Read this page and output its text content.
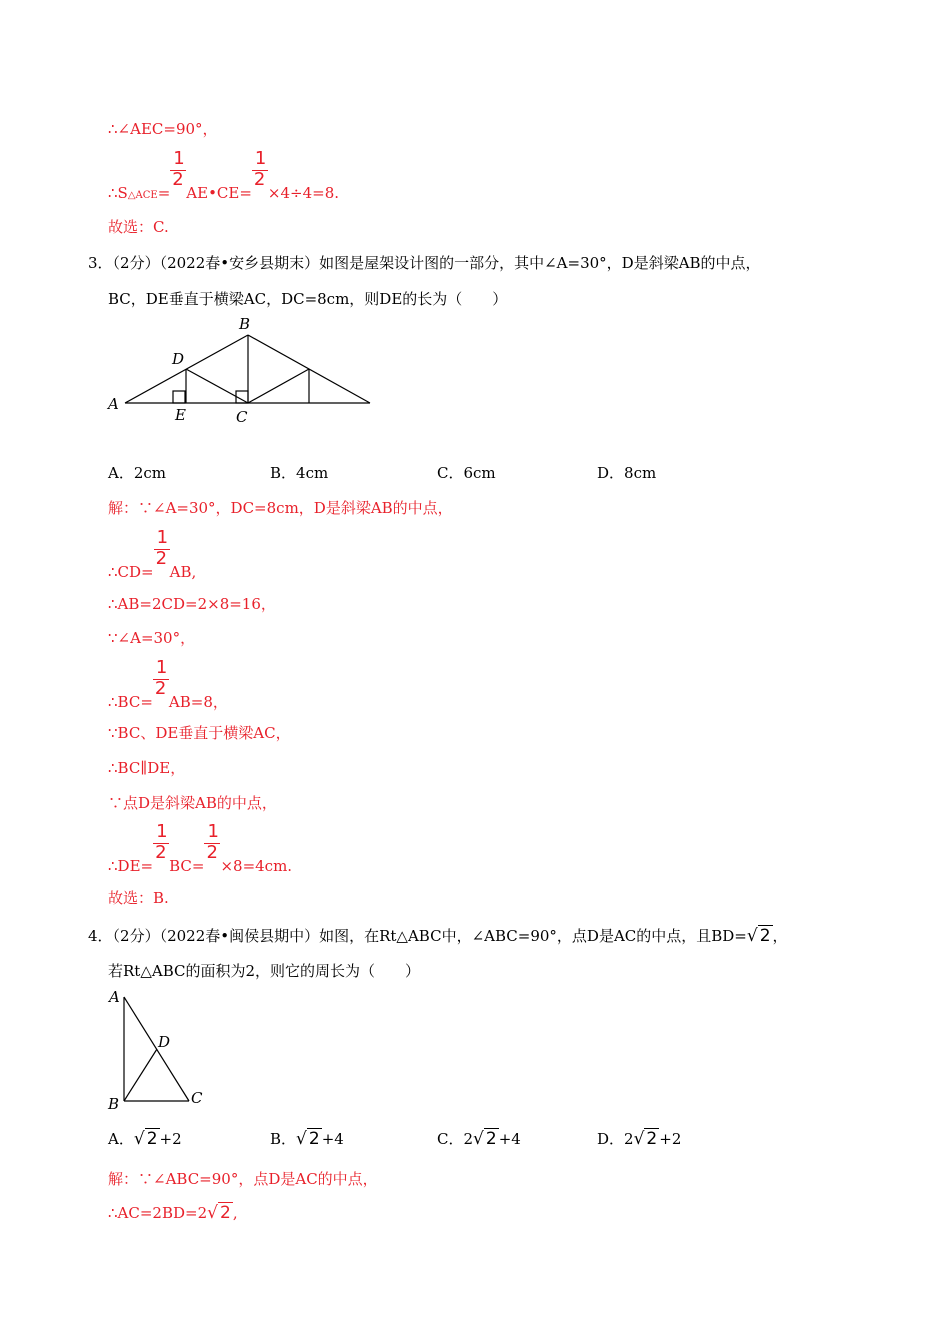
∴∠AEC=90°，
∴S△ACE= $\frac{1}{2}$ AE•CE= $\frac{1}{2} \times 4\div 4=8$.
故选：C.
3．（2分）（2022春•安乡县期末）如图是屋架设计图的一部分，其中∠A=30°，D是斜梁AB的中点，
BC，DE垂直于横梁AC，DC=8cm，则DE的长为（　　）
A
B
C
D
E
A．2cm	B．4cm	C．6cm	D．8cm
解：∵∠A=30°，DC=8cm，D是斜梁AB的中点，
∴CD= $\frac{1}{2}$ AB,
∴AB=2CD=2×8=16，
∵∠A=30°，
∴BC= $\frac{1}{2} AB=8$，
∵BC、DE垂直于横梁AC，
∴BC∥DE，
∵点D是斜梁AB的中点，
∴DE= $\frac{1}{2} BC= \frac{1}{2} \times 8=4cm$.
故选：B.
4．（2分）（2022春•闽侯县期中）如图，在Rt△ABC中，∠ABC=90°，点D是AC的中点，且BD= √ 2 ，
若Rt△ABC的面积为2，则它的周长为（　　）
A
D
B	C
A． √ 2 +2	B． √ 2 +4	C．2 √ 2 +4	D．2 √ 2 +2
解：∵∠ABC=90°，点D是AC的中点，
∴AC=2BD=2 √ 2 ,
